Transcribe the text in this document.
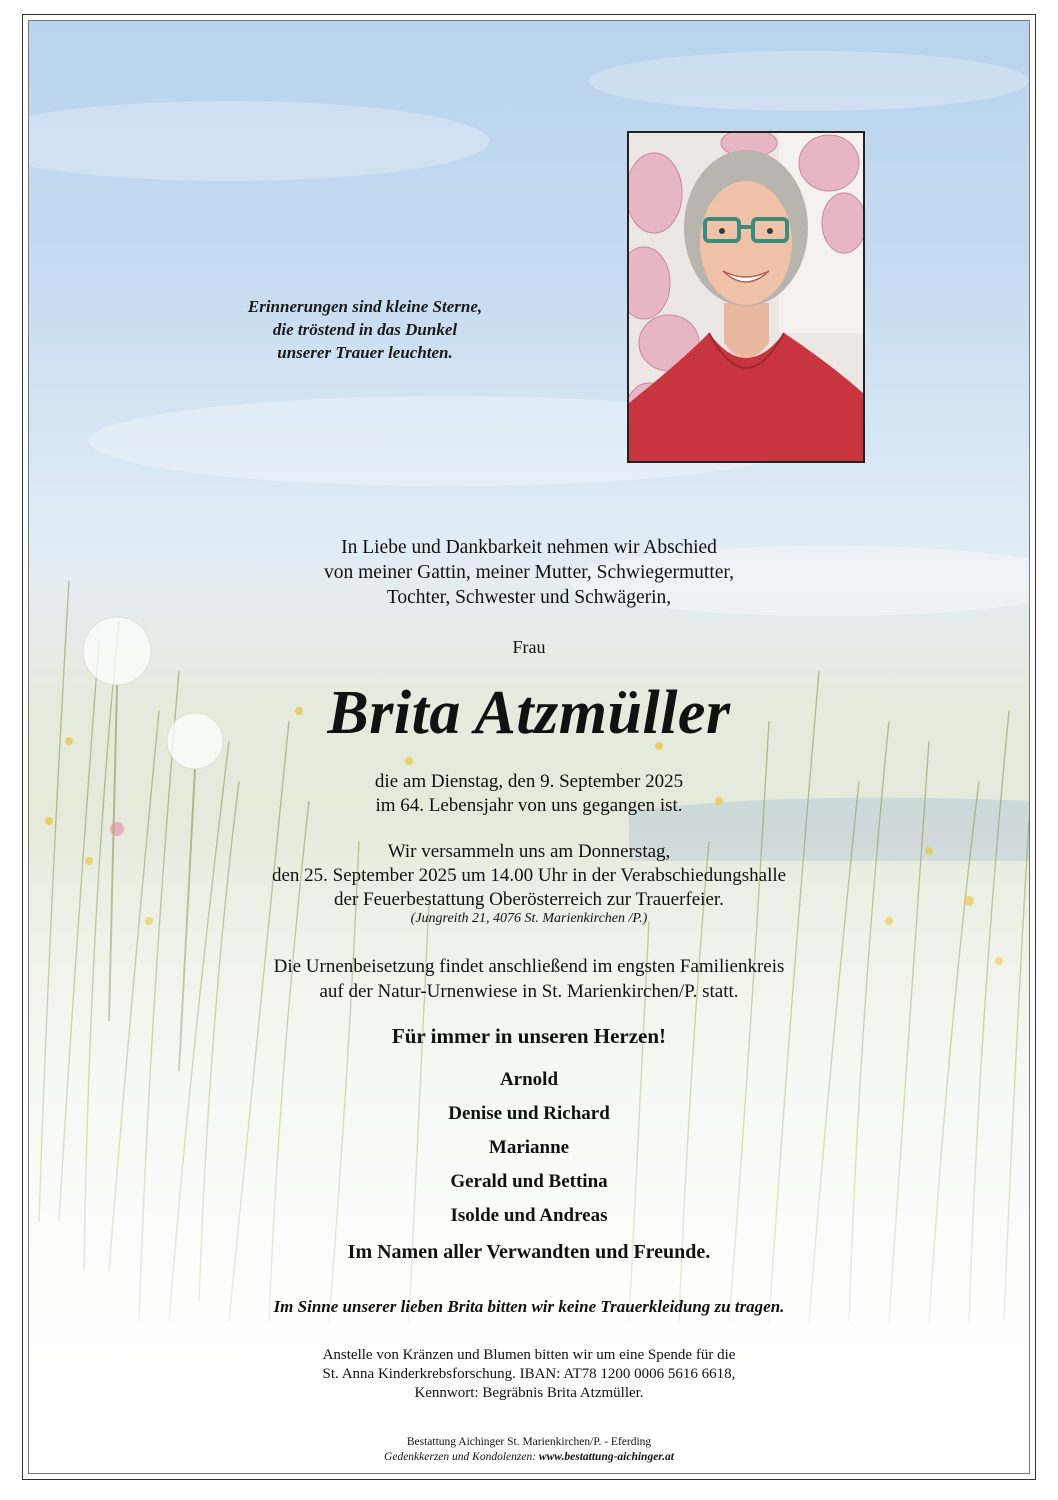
Erinnerungen sind kleine Sterne,
die tröstend in das Dunkel
unserer Trauer leuchten.
In Liebe und Dankbarkeit nehmen wir Abschied
von meiner Gattin, meiner Mutter, Schwiegermutter,
Tochter, Schwester und Schwägerin,
Frau
Brita Atzmüller
die am Dienstag, den 9. September 2025
im 64. Lebensjahr von uns gegangen ist.
Wir versammeln uns am Donnerstag,
den 25. September 2025 um 14.00 Uhr in der Verabschiedungshalle
der Feuerbestattung Oberösterreich zur Trauerfeier.
(Jungreith 21, 4076 St. Marienkirchen /P.)
Die Urnenbeisetzung findet anschließend im engsten Familienkreis
auf der Natur-Urnenwiese in St. Marienkirchen/P. statt.
Für immer in unseren Herzen!
Arnold
Denise und Richard
Marianne
Gerald und Bettina
Isolde und Andreas
Im Namen aller Verwandten und Freunde.
Im Sinne unserer lieben Brita bitten wir keine Trauerkleidung zu tragen.
Anstelle von Kränzen und Blumen bitten wir um eine Spende für die
St. Anna Kinderkrebsforschung. IBAN: AT78 1200 0006 5616 6618,
Kennwort: Begräbnis Brita Atzmüller.
Bestattung Aichinger St. Marienkirchen/P. - Eferding
Gedenkkerzen und Kondolenzen: www.bestattung-aichinger.at
